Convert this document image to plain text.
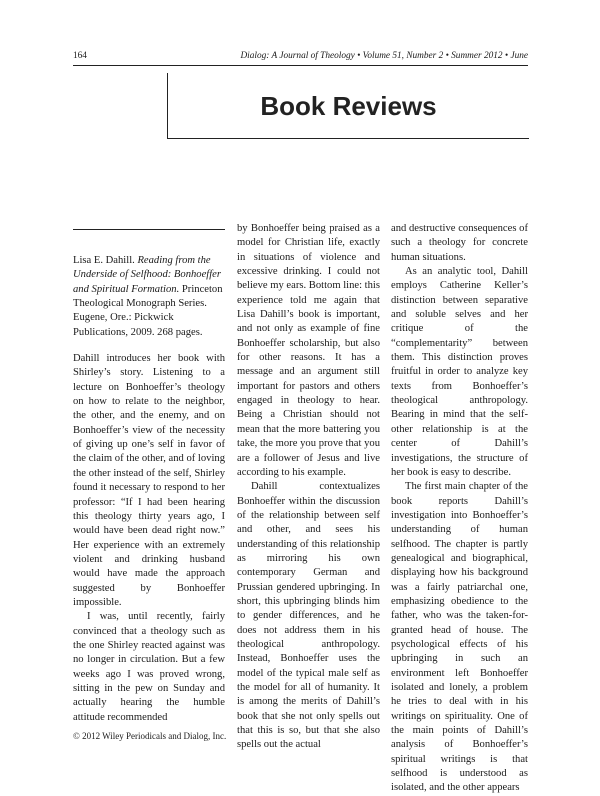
164	Dialog: A Journal of Theology • Volume 51, Number 2 • Summer 2012 • June
Book Reviews

Lisa E. Dahill. Reading from the Underside of Selfhood: Bonhoeffer and Spiritual Formation. Princeton Theological Monograph Series. Eugene, Ore.: Pickwick Publications, 2009. 268 pages.

Dahill introduces her book with Shirley’s story. Listening to a lecture on Bonhoeffer’s theology on how to relate to the neighbor, the other, and the enemy, and on Bonhoeffer’s view of the necessity of giving up one’s self in favor of the claim of the other, and of loving the other instead of the self, Shirley found it necessary to respond to her professor: “If I had been hearing this theology thirty years ago, I would have been dead right now.” Her experience with an extremely violent and drinking husband would have made the approach suggested by Bonhoeffer impossible.

I was, until recently, fairly convinced that a theology such as the one Shirley reacted against was no longer in circulation. But a few weeks ago I was proved wrong, sitting in the pew on Sunday and actually hearing the humble attitude recommended

by Bonhoeffer being praised as a model for Christian life, exactly in situations of violence and excessive drinking. I could not believe my ears. Bottom line: this experience told me again that Lisa Dahill’s book is important, and not only as example of fine Bonhoeffer scholarship, but also for other reasons. It has a message and an argument still important for pastors and others engaged in theology to hear. Being a Christian should not mean that the more battering you take, the more you prove that you are a follower of Jesus and live according to his example.

Dahill contextualizes Bonhoeffer within the discussion of the relationship between self and other, and sees his understanding of this relationship as mirroring his own contemporary German and Prussian gendered upbringing. In short, this upbringing blinds him to gender differences, and he does not address them in his theological anthropology. Instead, Bonhoeffer uses the model of the typical male self as the model for all of humanity. It is among the merits of Dahill’s book that she not only spells out that this is so, but that she also spells out the actual

and destructive consequences of such a theology for concrete human situations.

As an analytic tool, Dahill employs Catherine Keller’s distinction between separative and soluble selves and her critique of the “complementarity” between them. This distinction proves fruitful in order to analyze key texts from Bonhoeffer’s theological anthropology. Bearing in mind that the self-other relationship is at the center of Dahill’s investigations, the structure of her book is easy to describe.

The first main chapter of the book reports Dahill’s investigation into Bonhoeffer’s understanding of human selfhood. The chapter is partly genealogical and biographical, displaying how his background was a fairly patriarchal one, emphasizing obedience to the father, who was the taken-for-granted head of house. The psychological effects of his upbringing in such an environment left Bonhoeffer isolated and lonely, a problem he tries to deal with in his writings on spirituality. One of the main points of Dahill’s analysis of Bonhoeffer’s spiritual writings is that selfhood is understood as isolated, and the other appears

© 2012 Wiley Periodicals and Dialog, Inc.
